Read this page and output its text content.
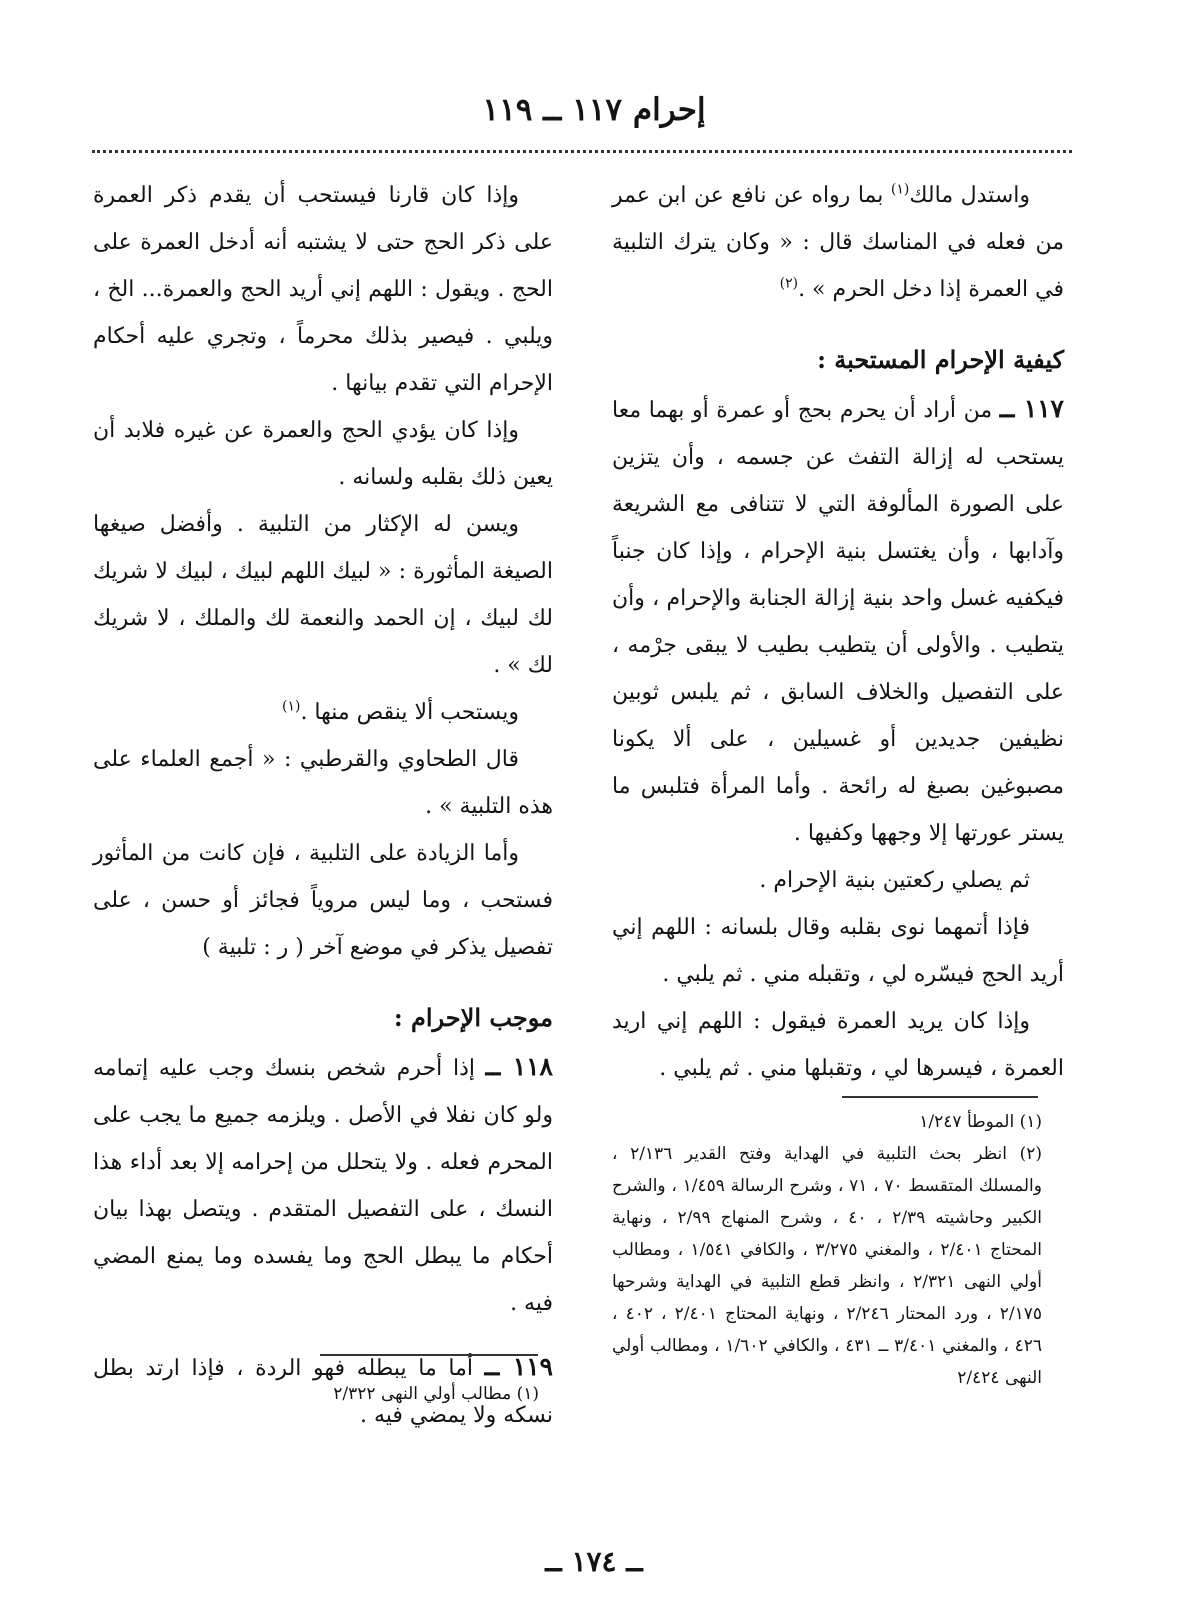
إحرام ١١٧ ــ ١١٩

واستدل مالك$^{(١)}$ بما رواه عن نافع عن ابن عمر من فعله في المناسك قال : « وكان يترك التلبية في العمرة إذا دخل الحرم » .$^{(٢)}$

كيفية الإحرام المستحبة :

١١٧ ــ من أراد أن يحرم بحج أو عمرة أو بهما معا يستحب له إزالة التفث عن جسمه ، وأن يتزين على الصورة المألوفة التي لا تتنافى مع الشريعة وآدابها ، وأن يغتسل بنية الإحرام ، وإذا كان جنباً فيكفيه غسل واحد بنية إزالة الجنابة والإحرام ، وأن يتطيب . والأولى أن يتطيب بطيب لا يبقى جرْمه ، على التفصيل والخلاف السابق ، ثم يلبس ثوبين نظيفين جديدين أو غسيلين ، على ألا يكونا مصبوغين بصبغ له رائحة . وأما المرأة فتلبس ما يستر عورتها إلا وجهها وكفيها .

ثم يصلي ركعتين بنية الإحرام .

فإذا أتمهما نوى بقلبه وقال بلسانه : اللهم إني أريد الحج فيسّره لي ، وتقبله مني . ثم يلبي .

وإذا كان يريد العمرة فيقول : اللهم إني اريد العمرة ، فيسرها لي ، وتقبلها مني . ثم يلبي .

(١) الموطأ ١/٢٤٧

(٢) انظر بحث التلبية في الهداية وفتح القدير ٢/١٣٦ ، والمسلك المتقسط ٧٠ ، ٧١ ، وشرح الرسالة ١/٤٥٩ ، والشرح الكبير وحاشيته ٢/٣٩ ، ٤٠ ، وشرح المنهاج ٢/٩٩ ، ونهاية المحتاج ٢/٤٠١ ، والمغني ٣/٢٧٥ ، والكافي ١/٥٤١ ، ومطالب أولي النهى ٢/٣٢١ ، وانظر قطع التلبية في الهداية وشرحها ٢/١٧٥ ، ورد المحتار ٢/٢٤٦ ، ونهاية المحتاج ٢/٤٠١ ، ٤٠٢ ، ٤٢٦ ، والمغني ٣/٤٠١ ــ ٤٣١ ، والكافي ١/٦٠٢ ، ومطالب أولي النهى ٢/٤٢٤

وإذا كان قارنا فيستحب أن يقدم ذكر العمرة على ذكر الحج حتى لا يشتبه أنه أدخل العمرة على الحج . ويقول : اللهم إني أريد الحج والعمرة... الخ ، ويلبي . فيصير بذلك محرماً ، وتجري عليه أحكام الإحرام التي تقدم بيانها .

وإذا كان يؤدي الحج والعمرة عن غيره فلابد أن يعين ذلك بقلبه ولسانه .

ويسن له الإكثار من التلبية . وأفضل صيغها الصيغة المأثورة : « لبيك اللهم لبيك ، لبيك لا شريك لك لبيك ، إن الحمد والنعمة لك والملك ، لا شريك لك » .

ويستحب ألا ينقص منها .$^{(١)}$

قال الطحاوي والقرطبي : « أجمع العلماء على هذه التلبية » .

وأما الزيادة على التلبية ، فإن كانت من المأثور فستحب ، وما ليس مروياً فجائز أو حسن ، على تفصيل يذكر في موضع آخر ( ر : تلبية )

موجب الإحرام :

١١٨ ــ إذا أحرم شخص بنسك وجب عليه إتمامه ولو كان نفلا في الأصل . ويلزمه جميع ما يجب على المحرم فعله . ولا يتحلل من إحرامه إلا بعد أداء هذا النسك ، على التفصيل المتقدم . ويتصل بهذا بيان أحكام ما يبطل الحج وما يفسده وما يمنع المضي فيه .

١١٩ ــ أما ما يبطله فهو الردة ، فإذا ارتد بطل نسكه ولا يمضي فيه .

(١) مطالب أولي النهى ٢/٣٢٢

ــ ١٧٤ ــ
